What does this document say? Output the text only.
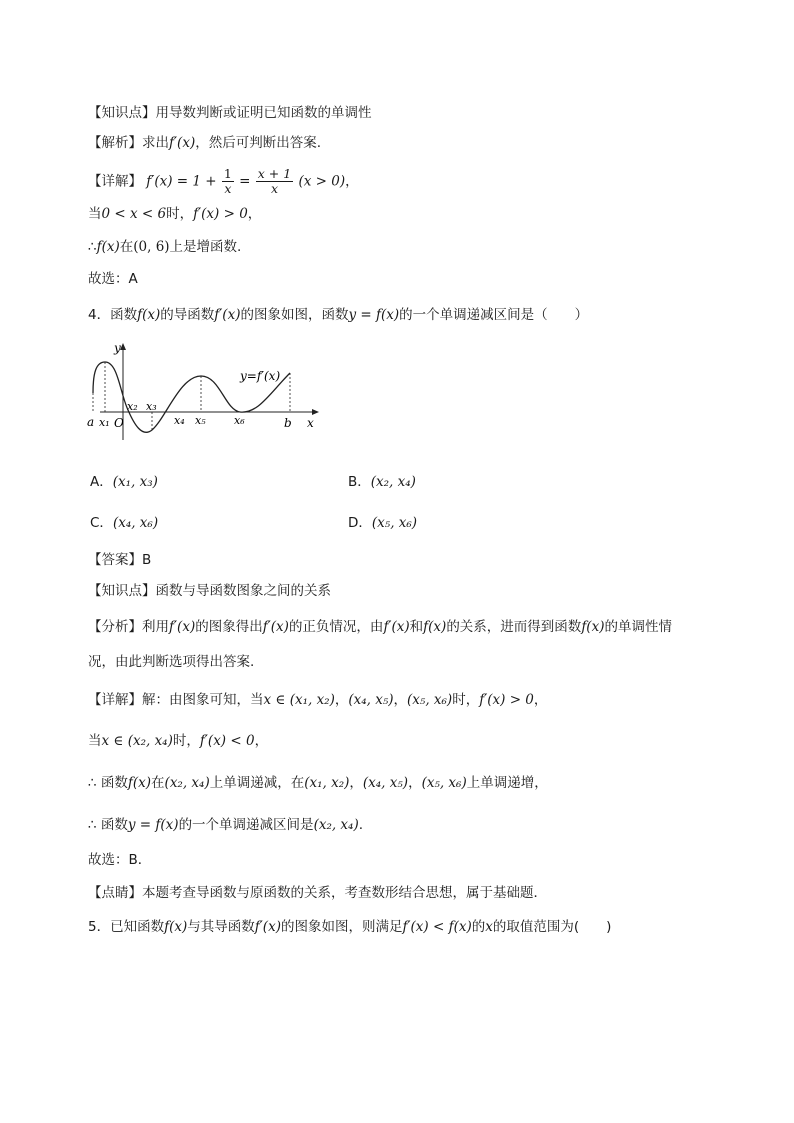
【知识点】用导数判断或证明已知函数的单调性
【解析】求出f′(x)，然后可判断出答案.
【详解】 $f'(x) = 1 + \frac{1}{x} = \frac{x + 1}{x} (x > 0)$，
当0 < x < 6时，f′(x) > 0，
∴f(x)在(0, 6)上是增函数.
故选：A
4．函数f(x)的导函数f′(x)的图象如图，函数y = f(x)的一个单调递减区间是（　　）
y
x
y=f′(x)
a x₁ O
x₂ x₃
x₄ x₅	x₆	b
A．(x₁, x₃)	B．(x₂, x₄)
C．(x₄, x₆)	D．(x₅, x₆)
【答案】B
【知识点】函数与导函数图象之间的关系
【分析】利用f′(x)的图象得出f′(x)的正负情况，由f′(x)和f(x)的关系，进而得到函数f(x)的单调性情
况，由此判断选项得出答案.
【详解】解：由图象可知，当x ∈ (x₁, x₂)，(x₄, x₅)，(x₅, x₆)时，f′(x) > 0，
当x ∈ (x₂, x₄)时，f′(x) < 0，
∴ 函数f(x)在(x₂, x₄)上单调递减，在(x₁, x₂)，(x₄, x₅)，(x₅, x₆)上单调递增，
∴ 函数y = f(x)的一个单调递减区间是(x₂, x₄).
故选：B．
【点睛】本题考查导函数与原函数的关系，考查数形结合思想，属于基础题．
5．已知函数f(x)与其导函数f′(x)的图象如图，则满足f′(x) < f(x)的x的取值范围为(　　)
